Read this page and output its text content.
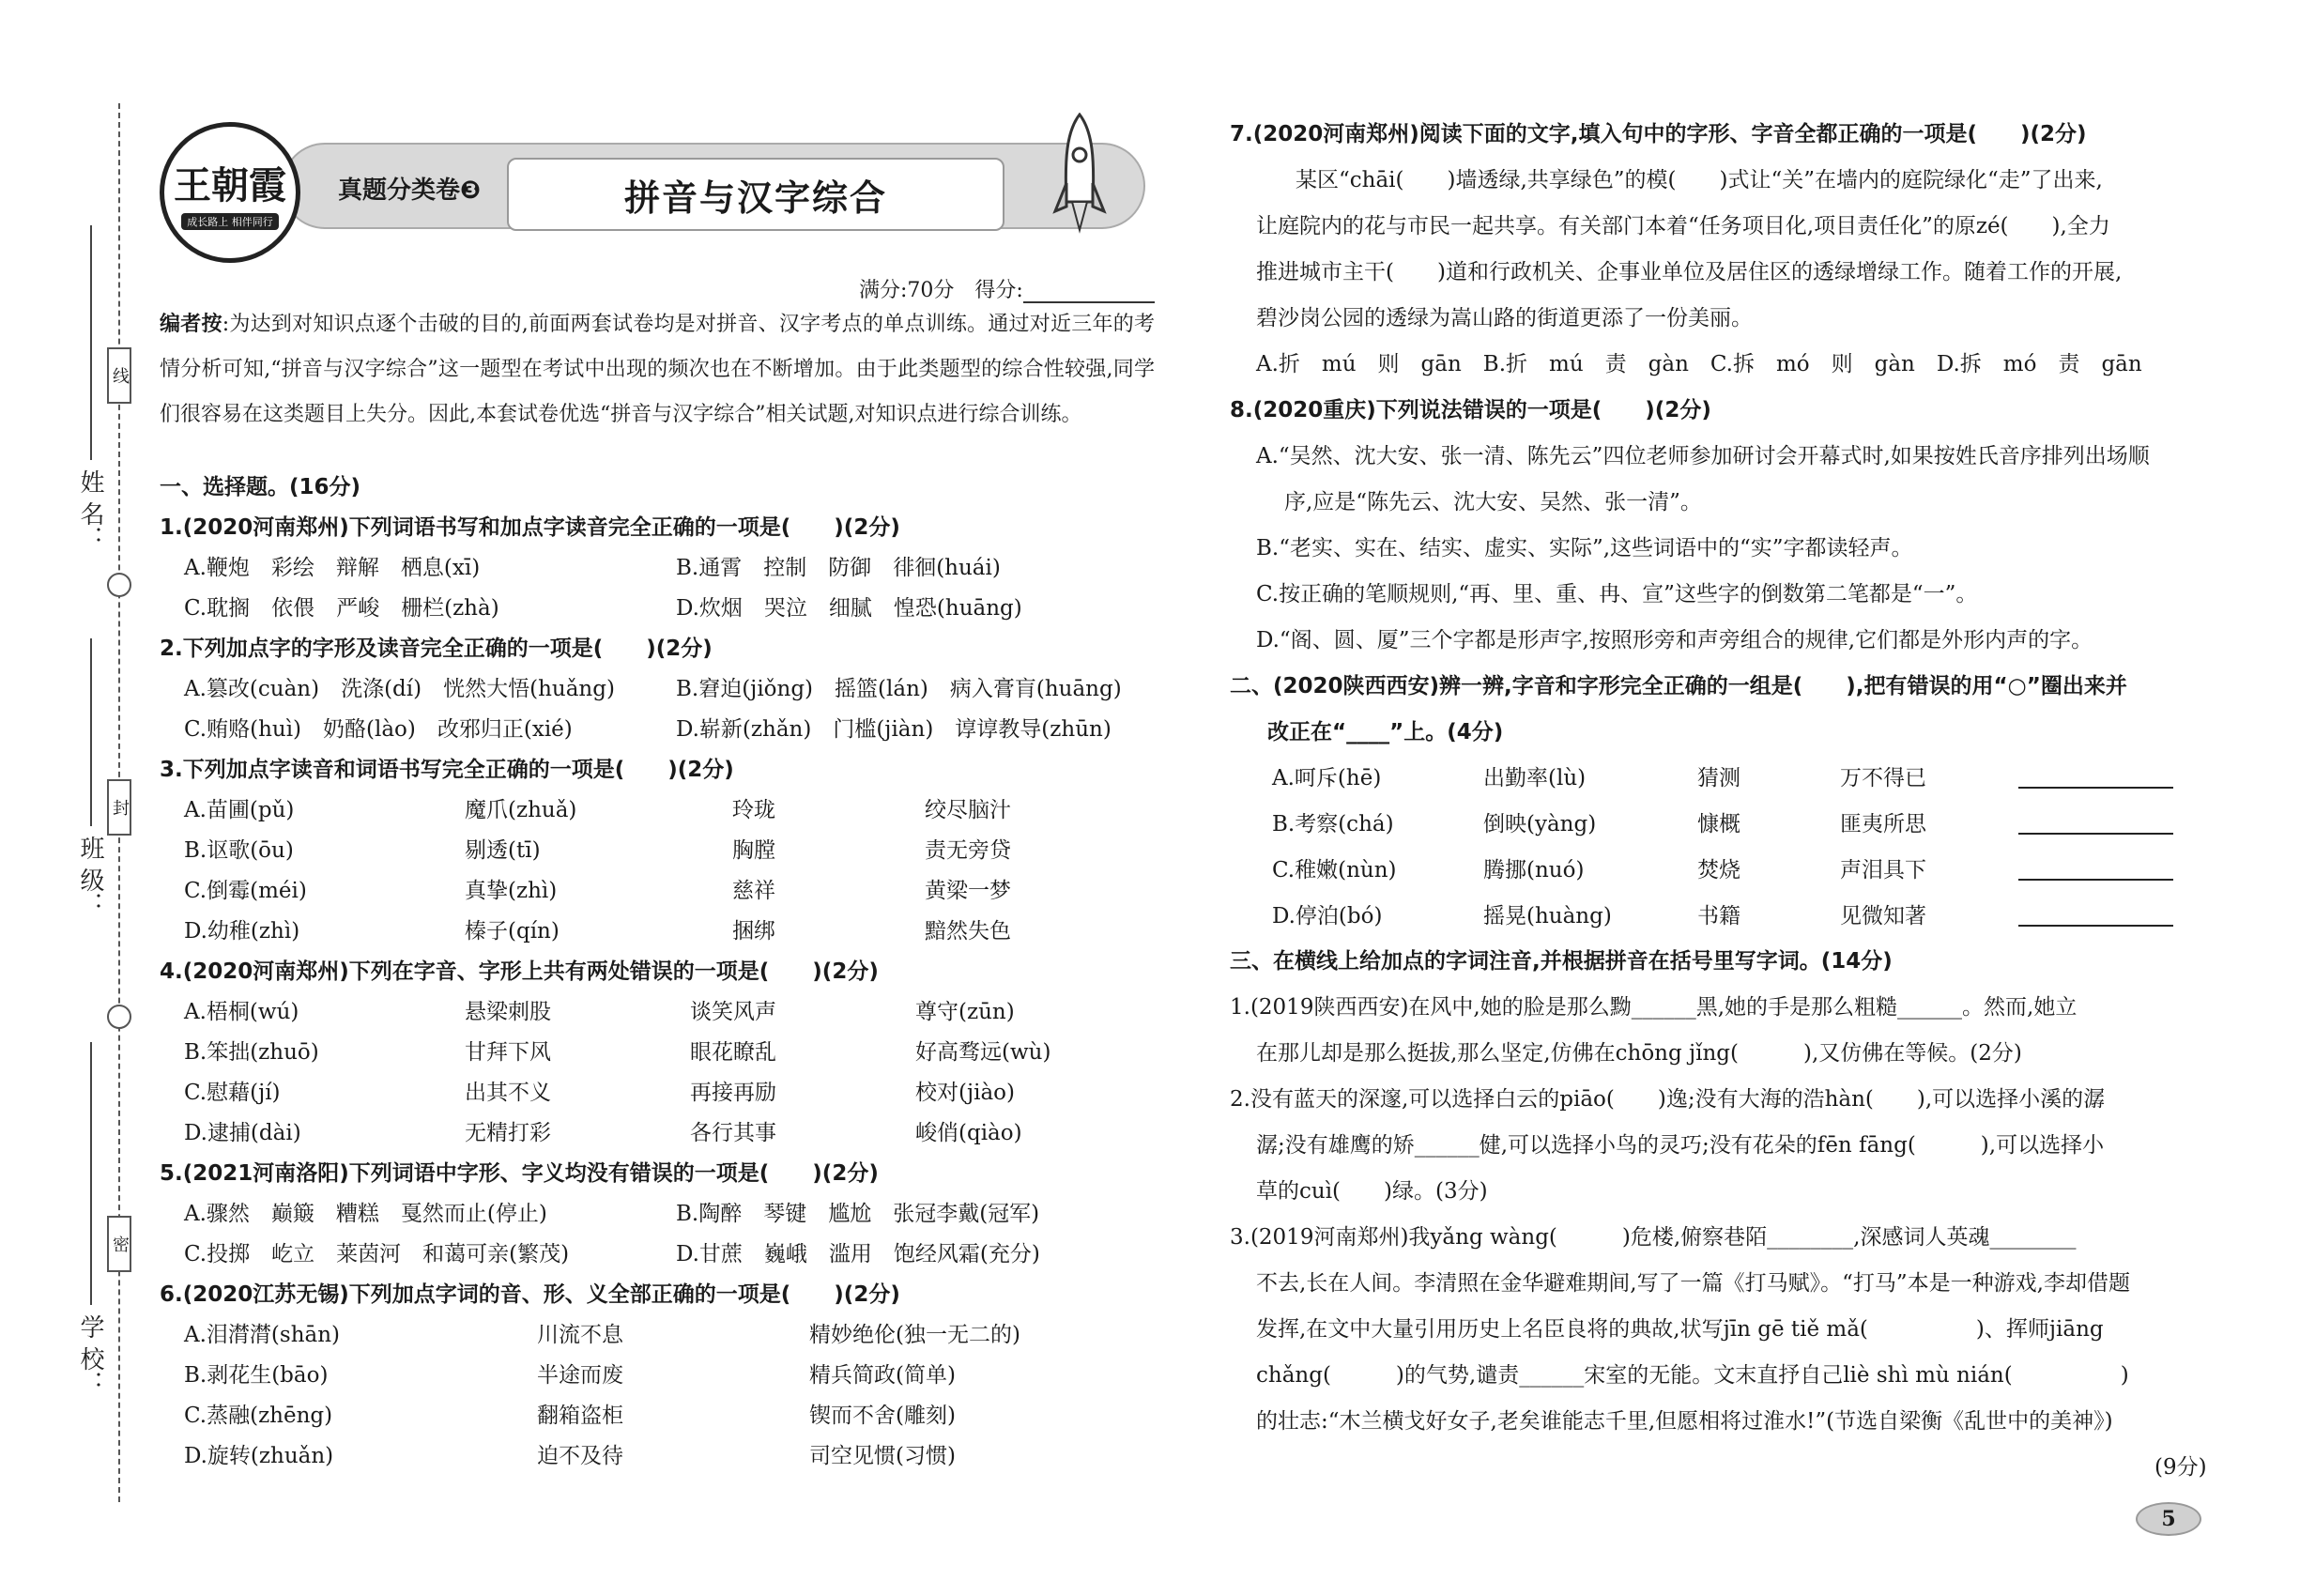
姓 名：
班 级：
学 校：
线
封
密
王朝霞
成长路上 相伴同行
真题分类卷❸	拼音与汉字综合
满分:70分　得分:
编者按:为达到对知识点逐个击破的目的,前面两套试卷均是对拼音、汉字考点的单点训练。通过对近三年的考情分析可知,“拼音与汉字综合”这一题型在考试中出现的频次也在不断增加。由于此类题型的综合性较强,同学们很容易在这类题目上失分。因此,本套试卷优选“拼音与汉字综合”相关试题,对知识点进行综合训练。
一、选择题。(16分)
1.(2020河南郑州)下列词语书写和加点字读音完全正确的一项是(　　)(2分)
A.鞭炮　彩绘　辩解　栖息(xī)	B.通霄　控制　防御　徘徊(huái)
C.耽搁　依偎　严峻　栅栏(zhà)	D.炊烟　哭泣　细腻　惶恐(huāng)
2.下列加点字的字形及读音完全正确的一项是(　　)(2分)
A.篡改(cuàn)　洗涤(dí)　恍然大悟(huǎng)	B.窘迫(jiǒng)　摇篮(lán)　病入膏肓(huāng)
C.贿赂(huì)　奶酪(lào)　改邪归正(xié)	D.崭新(zhǎn)　门槛(jiàn)　谆谆教导(zhūn)
3.下列加点字读音和词语书写完全正确的一项是(　　)(2分)
A.苗圃(pǔ)	魔爪(zhuǎ)	玲珑	绞尽脑汁
B.讴歌(ōu)	剔透(tī)	胸膛	责无旁贷
C.倒霉(méi)	真挚(zhì)	慈祥	黄梁一梦
D.幼稚(zhì)	榛子(qín)	捆绑	黯然失色
4.(2020河南郑州)下列在字音、字形上共有两处错误的一项是(　　)(2分)
A.梧桐(wú)	悬梁刺股	谈笑风声	尊守(zūn)
B.笨拙(zhuō)	甘拜下风	眼花瞭乱	好高骛远(wù)
C.慰藉(jí)	出其不义	再接再励	校对(jiào)
D.逮捕(dài)	无精打彩	各行其事	峻俏(qiào)
5.(2021河南洛阳)下列词语中字形、字义均没有错误的一项是(　　)(2分)
A.骤然　巅簸　糟糕　戛然而止(停止)	B.陶醉　琴键　尴尬　张冠李戴(冠军)
C.投掷　屹立　莱茵河　和蔼可亲(繁茂)	D.甘蔗　巍峨　滥用　饱经风霜(充分)
6.(2020江苏无锡)下列加点字词的音、形、义全部正确的一项是(　　)(2分)
A.泪潸潸(shān)	川流不息	精妙绝伦(独一无二的)
B.剥花生(bāo)	半途而废	精兵简政(简单)
C.蒸融(zhēng)	翻箱盗柜	锲而不舍(雕刻)
D.旋转(zhuǎn)	迫不及待	司空见惯(习惯)
7.(2020河南郑州)阅读下面的文字,填入句中的字形、字音全都正确的一项是(　　)(2分)
某区“chāi(　　)墙透绿,共享绿色”的模(　　)式让“关”在墙内的庭院绿化“走”了出来,
让庭院内的花与市民一起共享。有关部门本着“任务项目化,项目责任化”的原zé(　　),全力
推进城市主干(　　)道和行政机关、企事业单位及居住区的透绿增绿工作。随着工作的开展,
碧沙岗公园的透绿为嵩山路的街道更添了一份美丽。
A.折　mú　则　gān　B.折　mú　责　gàn　C.拆　mó　则　gàn　D.拆　mó　责　gān
8.(2020重庆)下列说法错误的一项是(　　)(2分)
A.“吴然、沈大安、张一清、陈先云”四位老师参加研讨会开幕式时,如果按姓氏音序排列出场顺
序,应是“陈先云、沈大安、吴然、张一清”。
B.“老实、实在、结实、虚实、实际”,这些词语中的“实”字都读轻声。
C.按正确的笔顺规则,“再、里、重、冉、宣”这些字的倒数第二笔都是“一”。
D.“阁、圆、厦”三个字都是形声字,按照形旁和声旁组合的规律,它们都是外形内声的字。
二、(2020陕西西安)辨一辨,字音和字形完全正确的一组是(　　),把有错误的用“○”圈出来并
改正在“____”上。(4分)
A.呵斥(hē)	出勤率(lù)	猜测	万不得已
B.考察(chá)	倒映(yàng)	慷概	匪夷所思
C.稚嫩(nùn)	腾挪(nuó)	焚烧	声泪具下
D.停泊(bó)	摇晃(huàng)	书籍	见微知著
三、在横线上给加点的字词注音,并根据拼音在括号里写字词。(14分)
1.(2019陕西西安)在风中,她的脸是那么黝______黑,她的手是那么粗糙______。然而,她立
在那儿却是那么挺拔,那么坚定,仿佛在chōng jǐng(　　　),又仿佛在等候。(2分)
2.没有蓝天的深邃,可以选择白云的piāo(　　)逸;没有大海的浩hàn(　　),可以选择小溪的潺
潺;没有雄鹰的矫______健,可以选择小鸟的灵巧;没有花朵的fēn fāng(　　　),可以选择小
草的cuì(　　)绿。(3分)
3.(2019河南郑州)我yǎng wàng(　　　)危楼,俯察巷陌________,深感词人英魂________
不去,长在人间。李清照在金华避难期间,写了一篇《打马赋》。“打马”本是一种游戏,李却借题
发挥,在文中大量引用历史上名臣良将的典故,状写jīn gē tiě mǎ(　　　　　)、挥师jiāng
chǎng(　　　)的气势,谴责______宋室的无能。文末直抒自己liè shì mù nián(　　　　　)
的壮志:“木兰横戈好女子,老矣谁能志千里,但愿相将过淮水!”(节选自梁衡《乱世中的美神》)
(9分)
5
